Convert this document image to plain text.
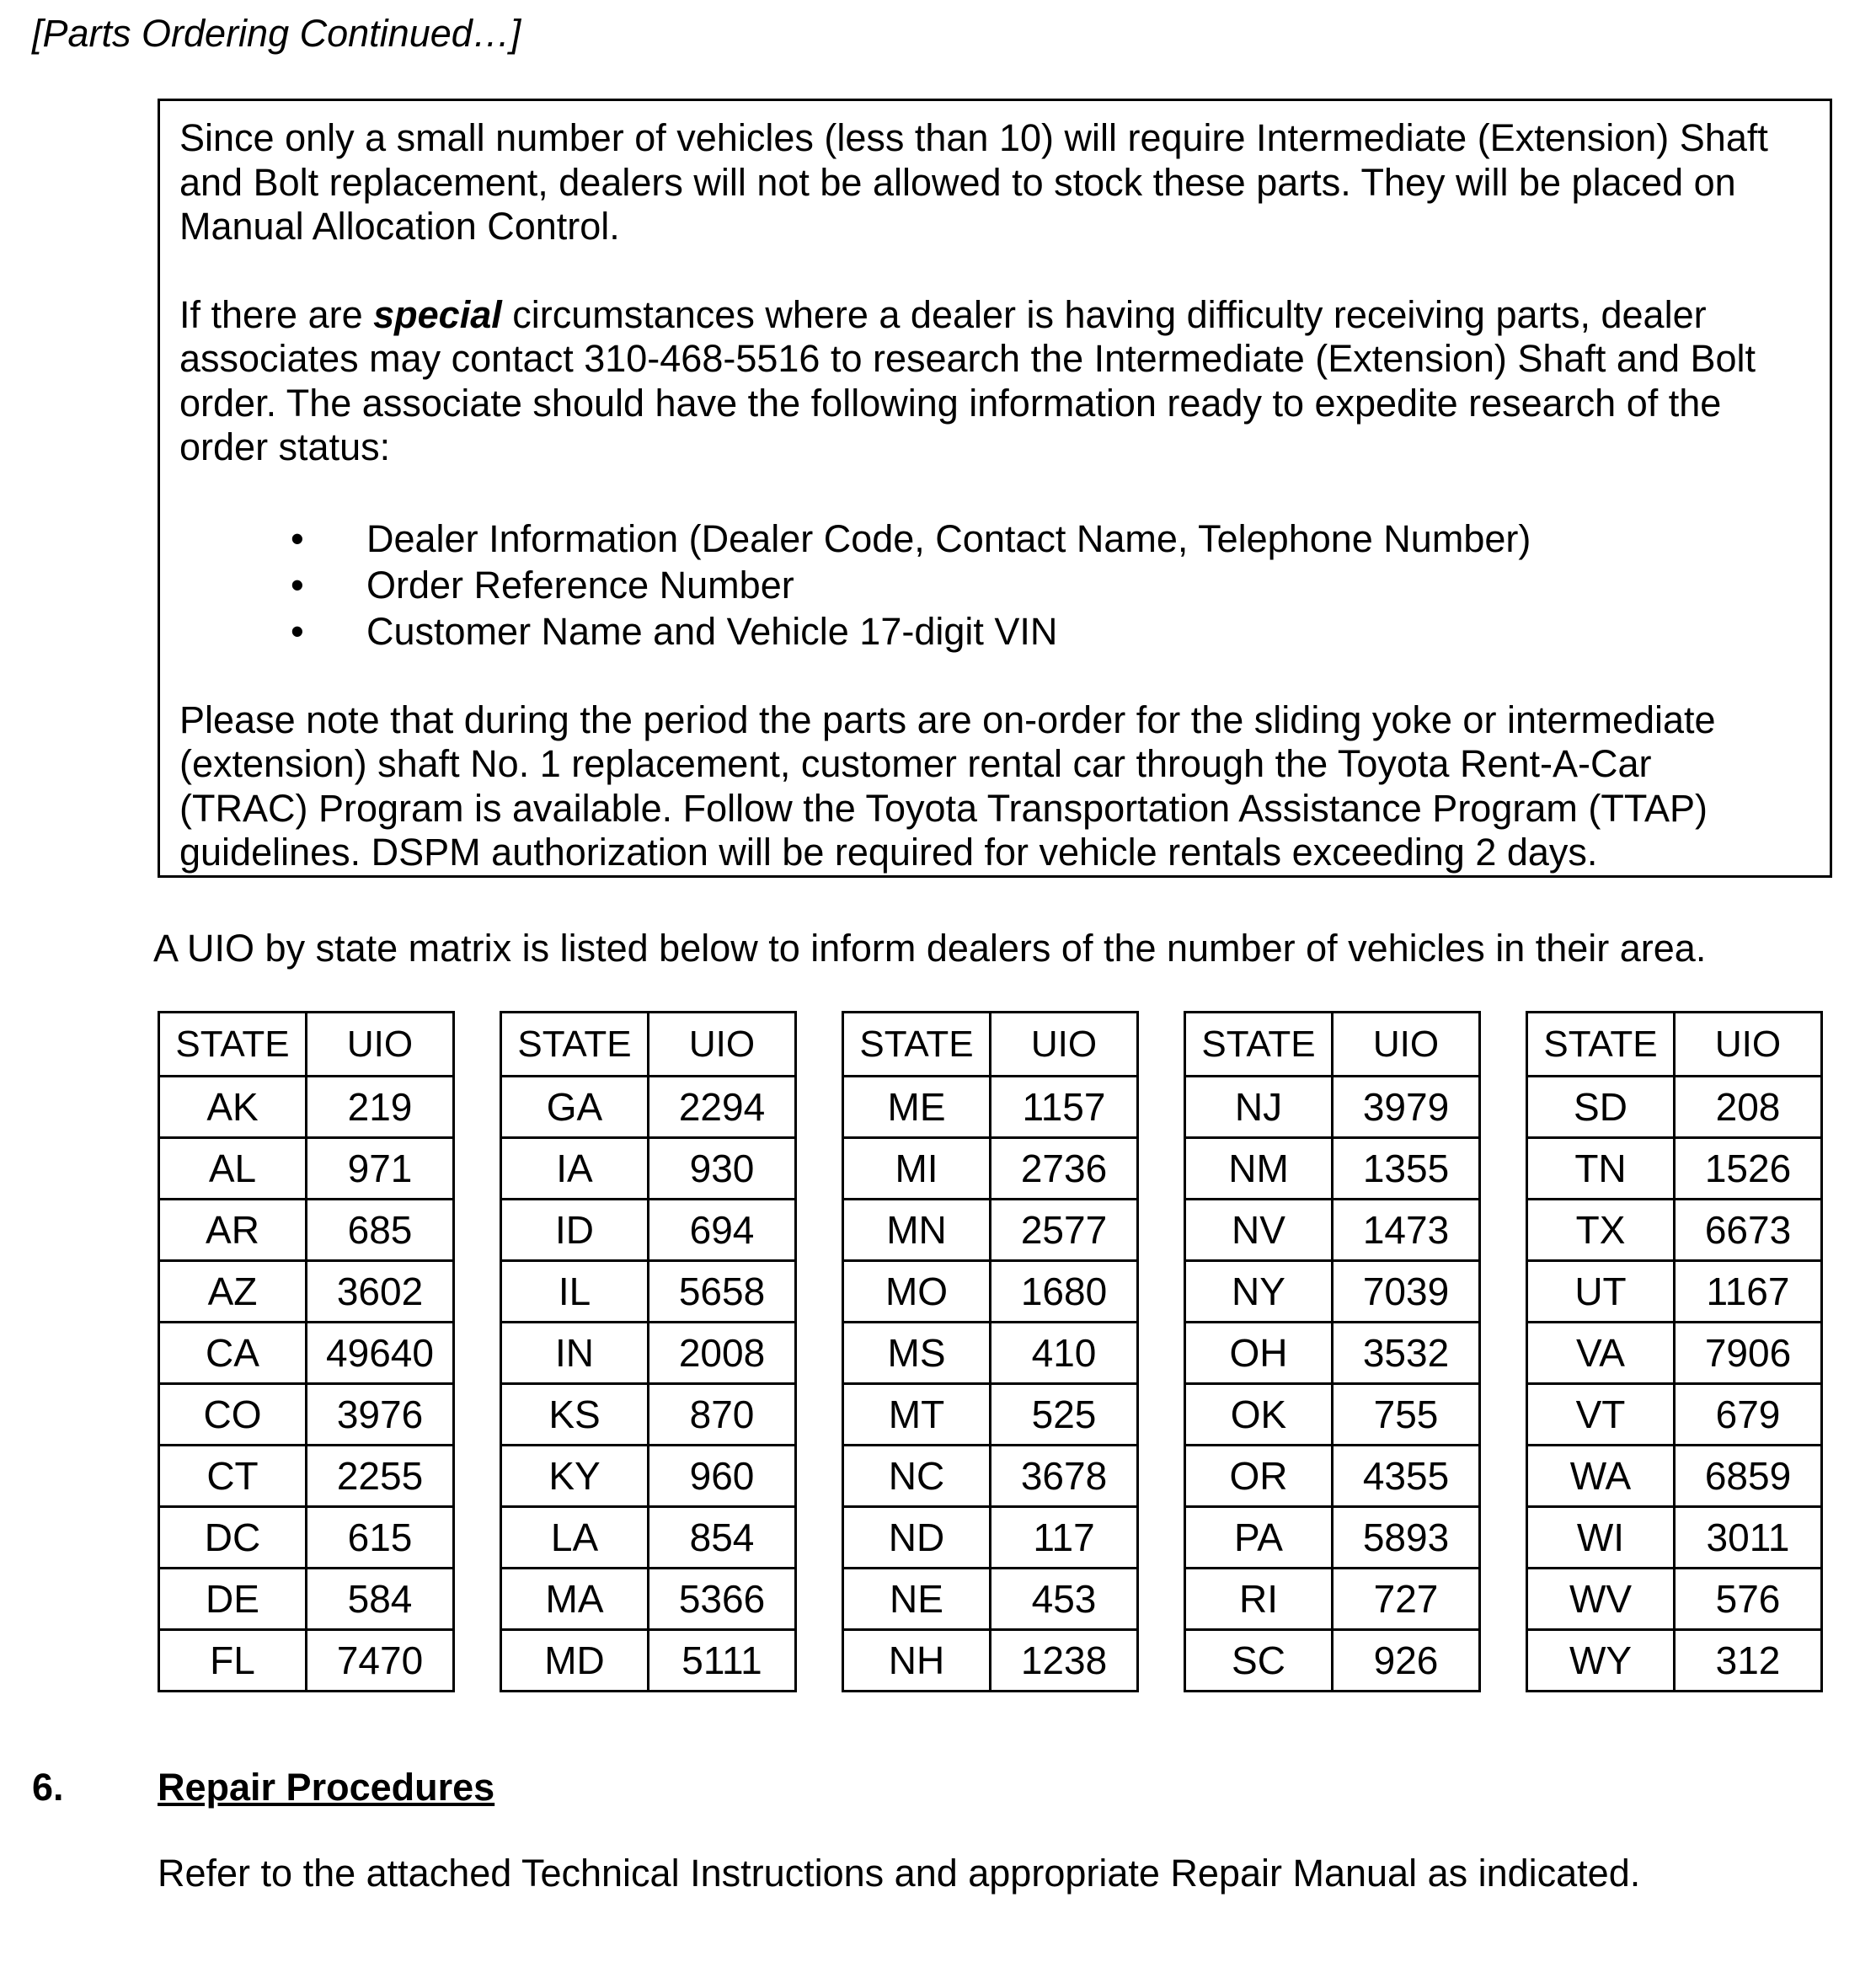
[Parts Ordering Continued…]

Since only a small number of vehicles (less than 10) will require Intermediate (Extension) Shaft and Bolt replacement, dealers will not be allowed to stock these parts. They will be placed on Manual Allocation Control.

If there are special circumstances where a dealer is having difficulty receiving parts, dealer associates may contact 310-468-5516 to research the Intermediate (Extension) Shaft and Bolt order. The associate should have the following information ready to expedite research of the order status:

• Dealer Information (Dealer Code, Contact Name, Telephone Number)
• Order Reference Number
• Customer Name and Vehicle 17-digit VIN

Please note that during the period the parts are on-order for the sliding yoke or intermediate (extension) shaft No. 1 replacement, customer rental car through the Toyota Rent-A-Car (TRAC) Program is available. Follow the Toyota Transportation Assistance Program (TTAP) guidelines. DSPM authorization will be required for vehicle rentals exceeding 2 days.

A UIO by state matrix is listed below to inform dealers of the number of vehicles in their area.

STATE	UIO
AK	219
AL	971
AR	685
AZ	3602
CA	49640
CO	3976
CT	2255
DC	615
DE	584
FL	7470
STATE	UIO
GA	2294
IA	930
ID	694
IL	5658
IN	2008
KS	870
KY	960
LA	854
MA	5366
MD	5111
STATE	UIO
ME	1157
MI	2736
MN	2577
MO	1680
MS	410
MT	525
NC	3678
ND	117
NE	453
NH	1238
STATE	UIO
NJ	3979
NM	1355
NV	1473
NY	7039
OH	3532
OK	755
OR	4355
PA	5893
RI	727
SC	926
STATE	UIO
SD	208
TN	1526
TX	6673
UT	1167
VA	7906
VT	679
WA	6859
WI	3011
WV	576
WY	312
6. Repair Procedures

Refer to the attached Technical Instructions and appropriate Repair Manual as indicated.
